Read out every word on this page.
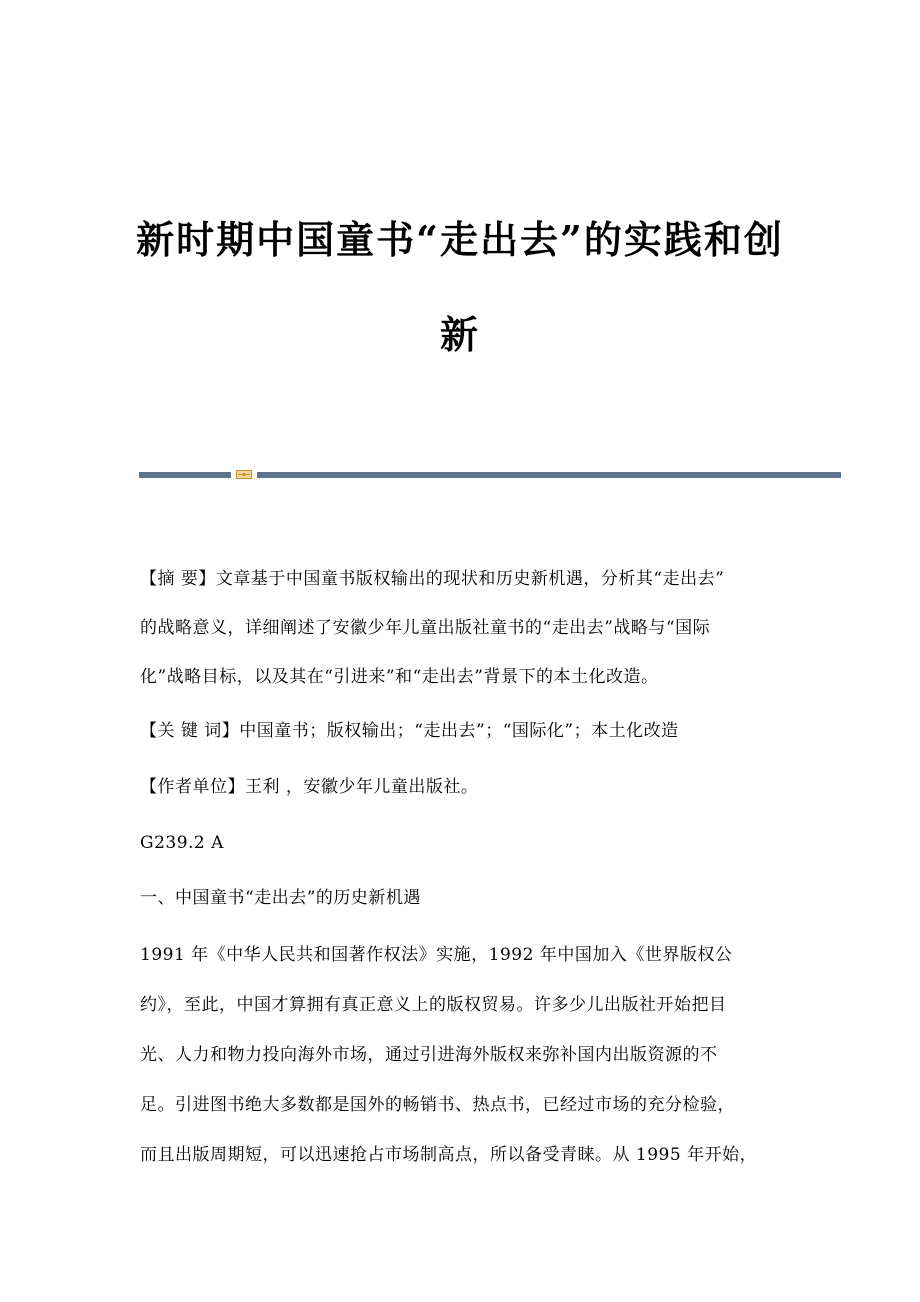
新时期中国童书“走出去”的实践和创
新
【摘 要】文章基于中国童书版权输出的现状和历史新机遇，分析其“走出去”
的战略意义，详细阐述了安徽少年儿童出版社童书的“走出去”战略与“国际
化”战略目标，以及其在“引进来”和“走出去”背景下的本土化改造。
【关 键 词】中国童书；版权输出；“走出去”；“国际化”；本土化改造
【作者单位】王利 ，安徽少年儿童出版社。
G239.2 A
一、中国童书“走出去”的历史新机遇
1991 年《中华人民共和国著作权法》实施，1992 年中国加入《世界版权公
约》，至此，中国才算拥有真正意义上的版权贸易。许多少儿出版社开始把目
光、人力和物力投向海外市场，通过引进海外版权来弥补国内出版资源的不
足。引进图书绝大多数都是国外的畅销书、热点书，已经过市场的充分检验，
而且出版周期短，可以迅速抢占市场制高点，所以备受青睐。从 1995 年开始，
